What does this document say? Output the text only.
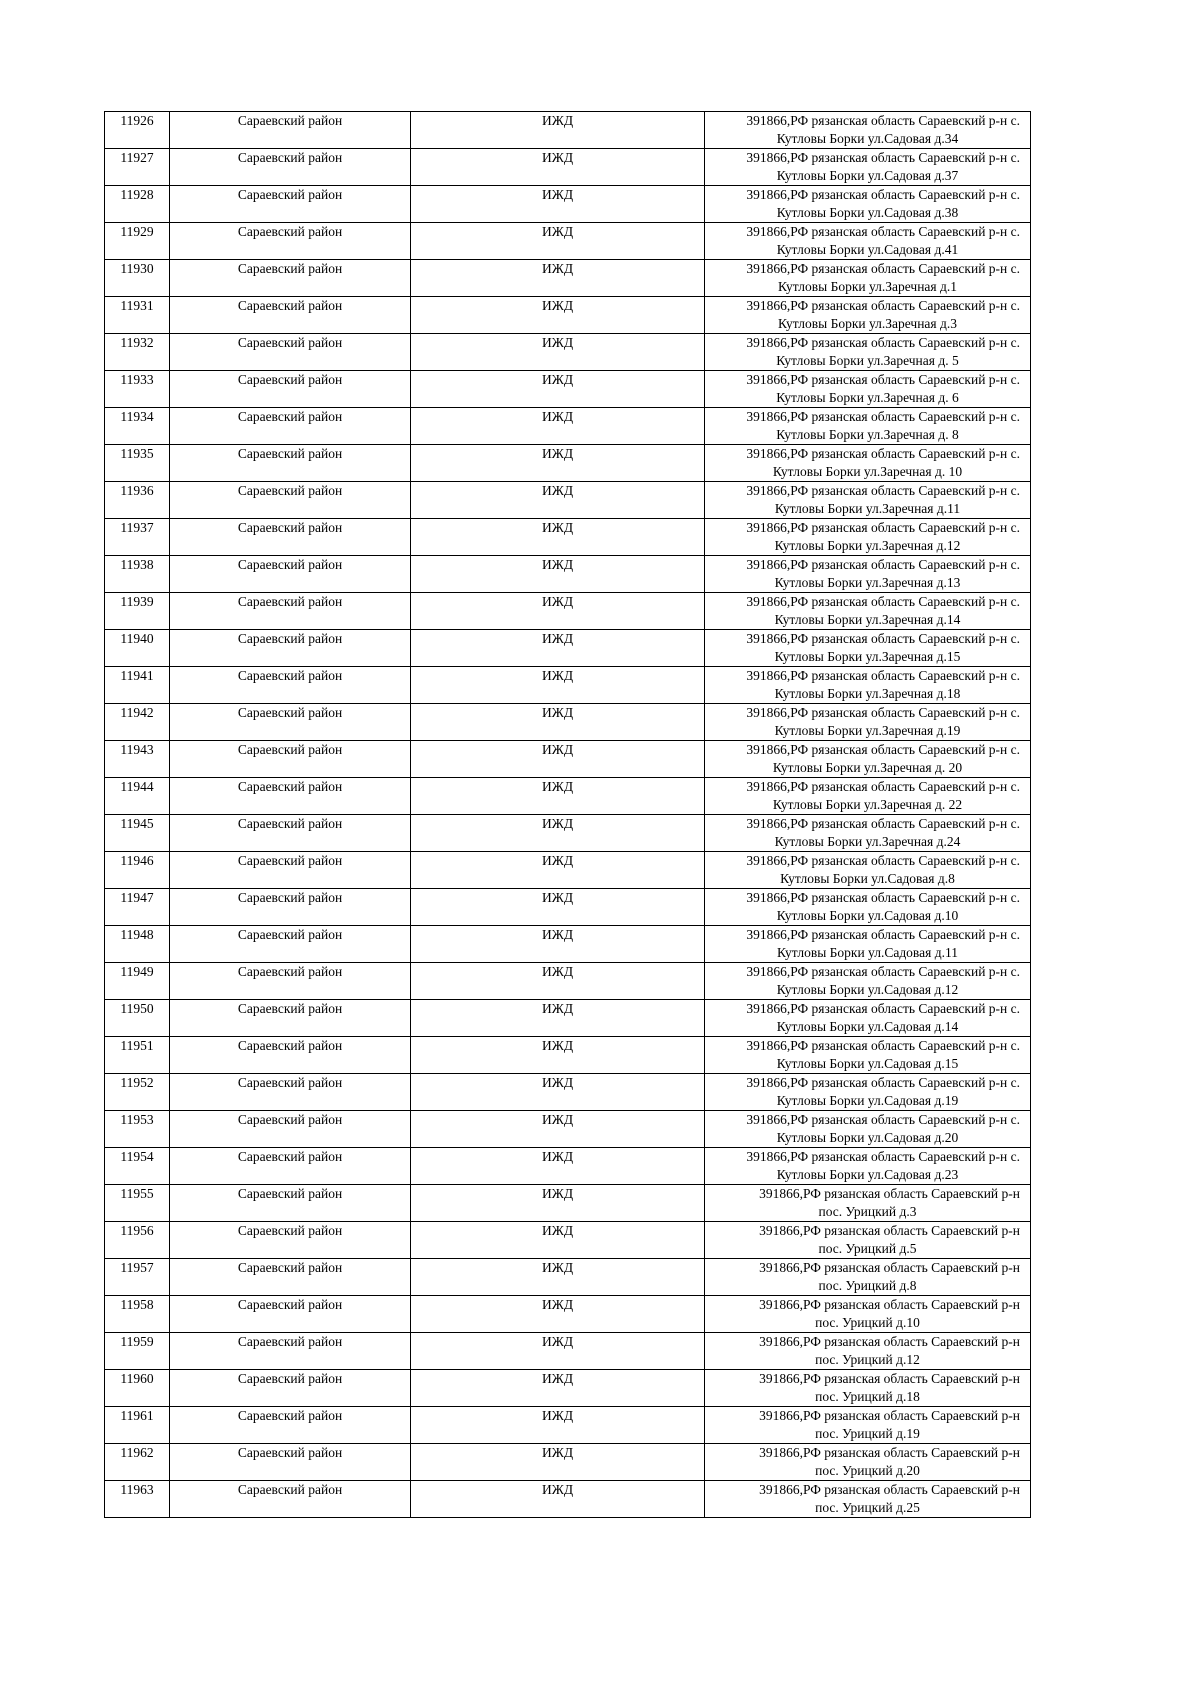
11926	Сараевский район	ИЖД	391866,РФ рязанская область Сараевский р-н с.
Кутловы Борки ул.Садовая д.34

11927	Сараевский район	ИЖД	391866,РФ рязанская область Сараевский р-н с.
Кутловы Борки ул.Садовая д.37

11928	Сараевский район	ИЖД	391866,РФ рязанская область Сараевский р-н с.
Кутловы Борки ул.Садовая д.38

11929	Сараевский район	ИЖД	391866,РФ рязанская область Сараевский р-н с.
Кутловы Борки ул.Садовая д.41

11930	Сараевский район	ИЖД	391866,РФ рязанская область Сараевский р-н с.
Кутловы Борки ул.Заречная д.1

11931	Сараевский район	ИЖД	391866,РФ рязанская область Сараевский р-н с.
Кутловы Борки ул.Заречная д.3

11932	Сараевский район	ИЖД	391866,РФ рязанская область Сараевский р-н с.
Кутловы Борки ул.Заречная д. 5

11933	Сараевский район	ИЖД	391866,РФ рязанская область Сараевский р-н с.
Кутловы Борки ул.Заречная д. 6

11934	Сараевский район	ИЖД	391866,РФ рязанская область Сараевский р-н с.
Кутловы Борки ул.Заречная д. 8

11935	Сараевский район	ИЖД	391866,РФ рязанская область Сараевский р-н с.
Кутловы Борки ул.Заречная д. 10

11936	Сараевский район	ИЖД	391866,РФ рязанская область Сараевский р-н с.
Кутловы Борки ул.Заречная д.11

11937	Сараевский район	ИЖД	391866,РФ рязанская область Сараевский р-н с.
Кутловы Борки ул.Заречная д.12

11938	Сараевский район	ИЖД	391866,РФ рязанская область Сараевский р-н с.
Кутловы Борки ул.Заречная д.13

11939	Сараевский район	ИЖД	391866,РФ рязанская область Сараевский р-н с.
Кутловы Борки ул.Заречная д.14

11940	Сараевский район	ИЖД	391866,РФ рязанская область Сараевский р-н с.
Кутловы Борки ул.Заречная д.15

11941	Сараевский район	ИЖД	391866,РФ рязанская область Сараевский р-н с.
Кутловы Борки ул.Заречная д.18

11942	Сараевский район	ИЖД	391866,РФ рязанская область Сараевский р-н с.
Кутловы Борки ул.Заречная д.19

11943	Сараевский район	ИЖД	391866,РФ рязанская область Сараевский р-н с.
Кутловы Борки ул.Заречная д. 20

11944	Сараевский район	ИЖД	391866,РФ рязанская область Сараевский р-н с.
Кутловы Борки ул.Заречная д. 22

11945	Сараевский район	ИЖД	391866,РФ рязанская область Сараевский р-н с.
Кутловы Борки ул.Заречная д.24

11946	Сараевский район	ИЖД	391866,РФ рязанская область Сараевский р-н с.
Кутловы Борки ул.Садовая д.8

11947	Сараевский район	ИЖД	391866,РФ рязанская область Сараевский р-н с.
Кутловы Борки ул.Садовая д.10

11948	Сараевский район	ИЖД	391866,РФ рязанская область Сараевский р-н с.
Кутловы Борки ул.Садовая д.11

11949	Сараевский район	ИЖД	391866,РФ рязанская область Сараевский р-н с.
Кутловы Борки ул.Садовая д.12

11950	Сараевский район	ИЖД	391866,РФ рязанская область Сараевский р-н с.
Кутловы Борки ул.Садовая д.14

11951	Сараевский район	ИЖД	391866,РФ рязанская область Сараевский р-н с.
Кутловы Борки ул.Садовая д.15

11952	Сараевский район	ИЖД	391866,РФ рязанская область Сараевский р-н с.
Кутловы Борки ул.Садовая д.19

11953	Сараевский район	ИЖД	391866,РФ рязанская область Сараевский р-н с.
Кутловы Борки ул.Садовая д.20

11954	Сараевский район	ИЖД	391866,РФ рязанская область Сараевский р-н с.
Кутловы Борки ул.Садовая д.23

11955	Сараевский район	ИЖД	391866,РФ рязанская область Сараевский р-н
пос. Урицкий д.3

11956	Сараевский район	ИЖД	391866,РФ рязанская область Сараевский р-н
пос. Урицкий д.5

11957	Сараевский район	ИЖД	391866,РФ рязанская область Сараевский р-н
пос. Урицкий д.8

11958	Сараевский район	ИЖД	391866,РФ рязанская область Сараевский р-н
пос. Урицкий д.10

11959	Сараевский район	ИЖД	391866,РФ рязанская область Сараевский р-н
пос. Урицкий д.12

11960	Сараевский район	ИЖД	391866,РФ рязанская область Сараевский р-н
пос. Урицкий д.18

11961	Сараевский район	ИЖД	391866,РФ рязанская область Сараевский р-н
пос. Урицкий д.19

11962	Сараевский район	ИЖД	391866,РФ рязанская область Сараевский р-н
пос. Урицкий д.20

11963	Сараевский район	ИЖД	391866,РФ рязанская область Сараевский р-н
пос. Урицкий д.25
